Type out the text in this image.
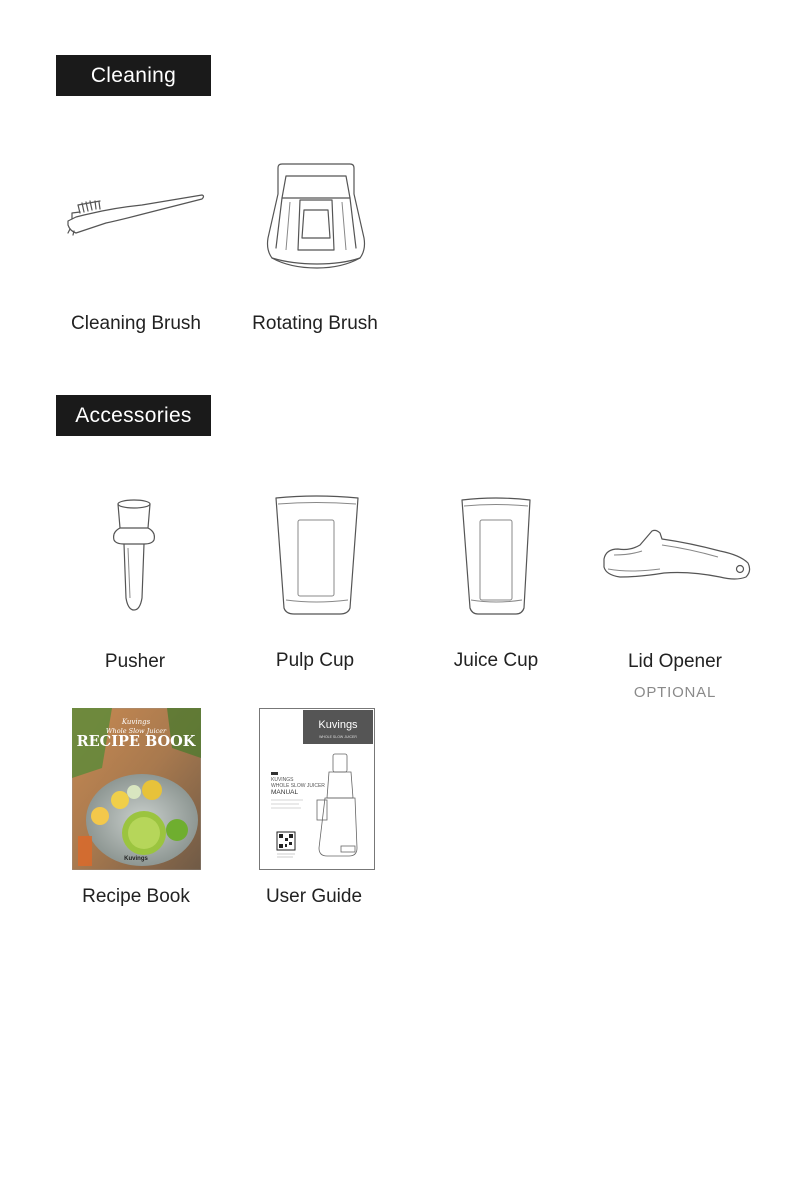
Cleaning
Cleaning Brush	Rotating Brush
Accessories
Pusher	Pulp Cup	Juice Cup	Lid Opener
OPTIONAL
Kuvings
Whole Slow Juicer
RECIPE BOOK
Kuvings
Recipe Book
Kuvings
WHOLE SLOW JUICER
KUVINGS
WHOLE SLOW JUICER
MANUAL
User Guide
